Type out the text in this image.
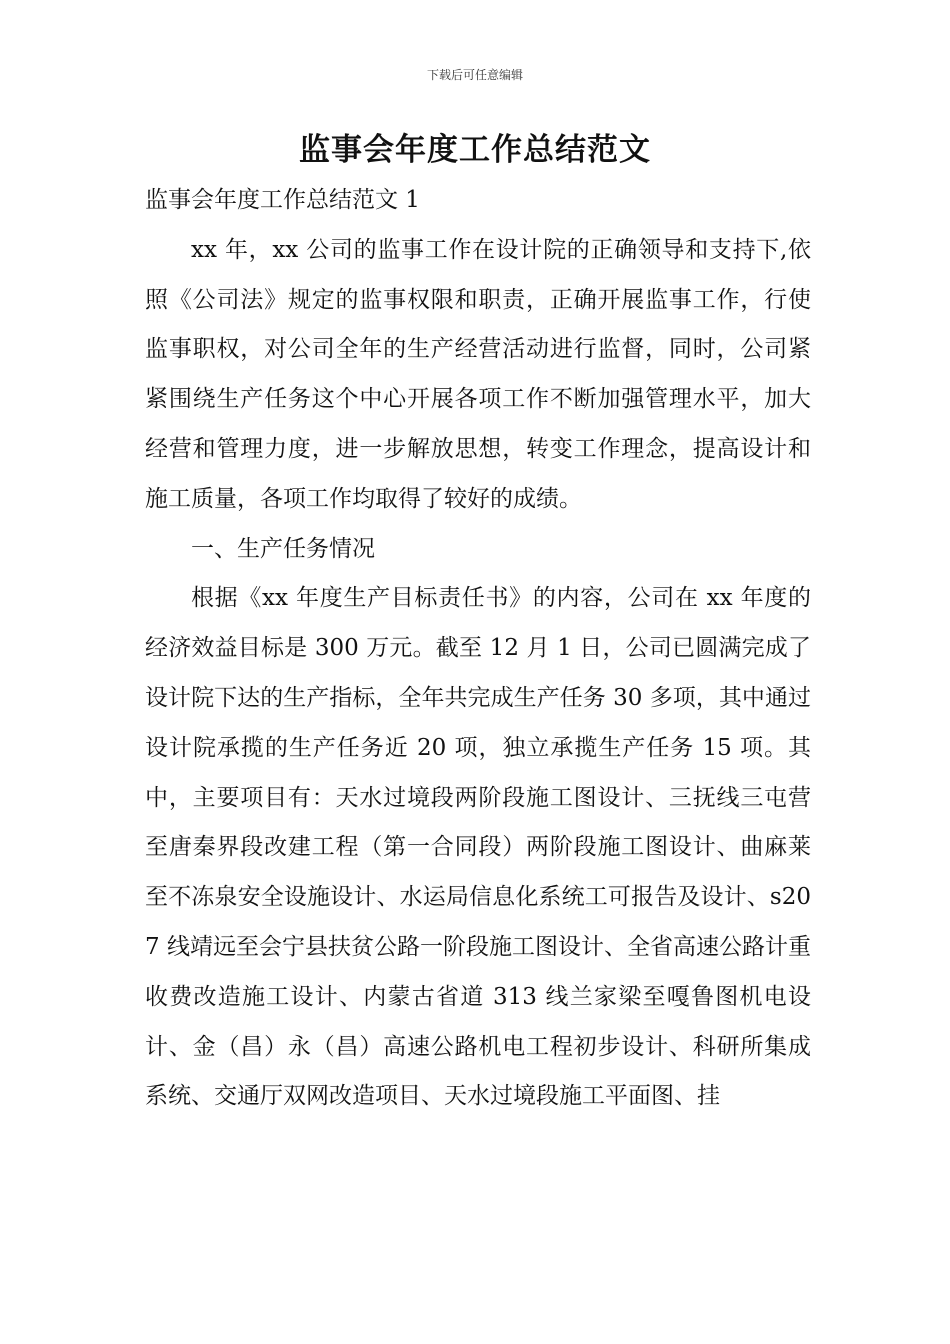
下载后可任意编辑
监事会年度工作总结范文

监事会年度工作总结范文 1

xx 年，xx 公司的监事工作在设计院的正确领导和支持下,依照《公司法》规定的监事权限和职责，正确开展监事工作，行使监事职权，对公司全年的生产经营活动进行监督，同时，公司紧紧围绕生产任务这个中心开展各项工作不断加强管理水平，加大经营和管理力度，进一步解放思想，转变工作理念，提高设计和施工质量，各项工作均取得了较好的成绩。

一、生产任务情况

根据《xx 年度生产目标责任书》的内容，公司在 xx 年度的经济效益目标是 300 万元。截至 12 月 1 日，公司已圆满完成了设计院下达的生产指标，全年共完成生产任务 30 多项，其中通过设计院承揽的生产任务近 20 项，独立承揽生产任务 15 项。其中，主要项目有：天水过境段两阶段施工图设计、三抚线三屯营至唐秦界段改建工程（第一合同段）两阶段施工图设计、曲麻莱至不冻泉安全设施设计、水运局信息化系统工可报告及设计、s207 线靖远至会宁县扶贫公路一阶段施工图设计、全省高速公路计重收费改造施工设计、内蒙古省道 313 线兰家梁至嘎鲁图机电设计、金（昌）永（昌）高速公路机电工程初步设计、科研所集成系统、交通厅双网改造项目、天水过境段施工平面图、挂
